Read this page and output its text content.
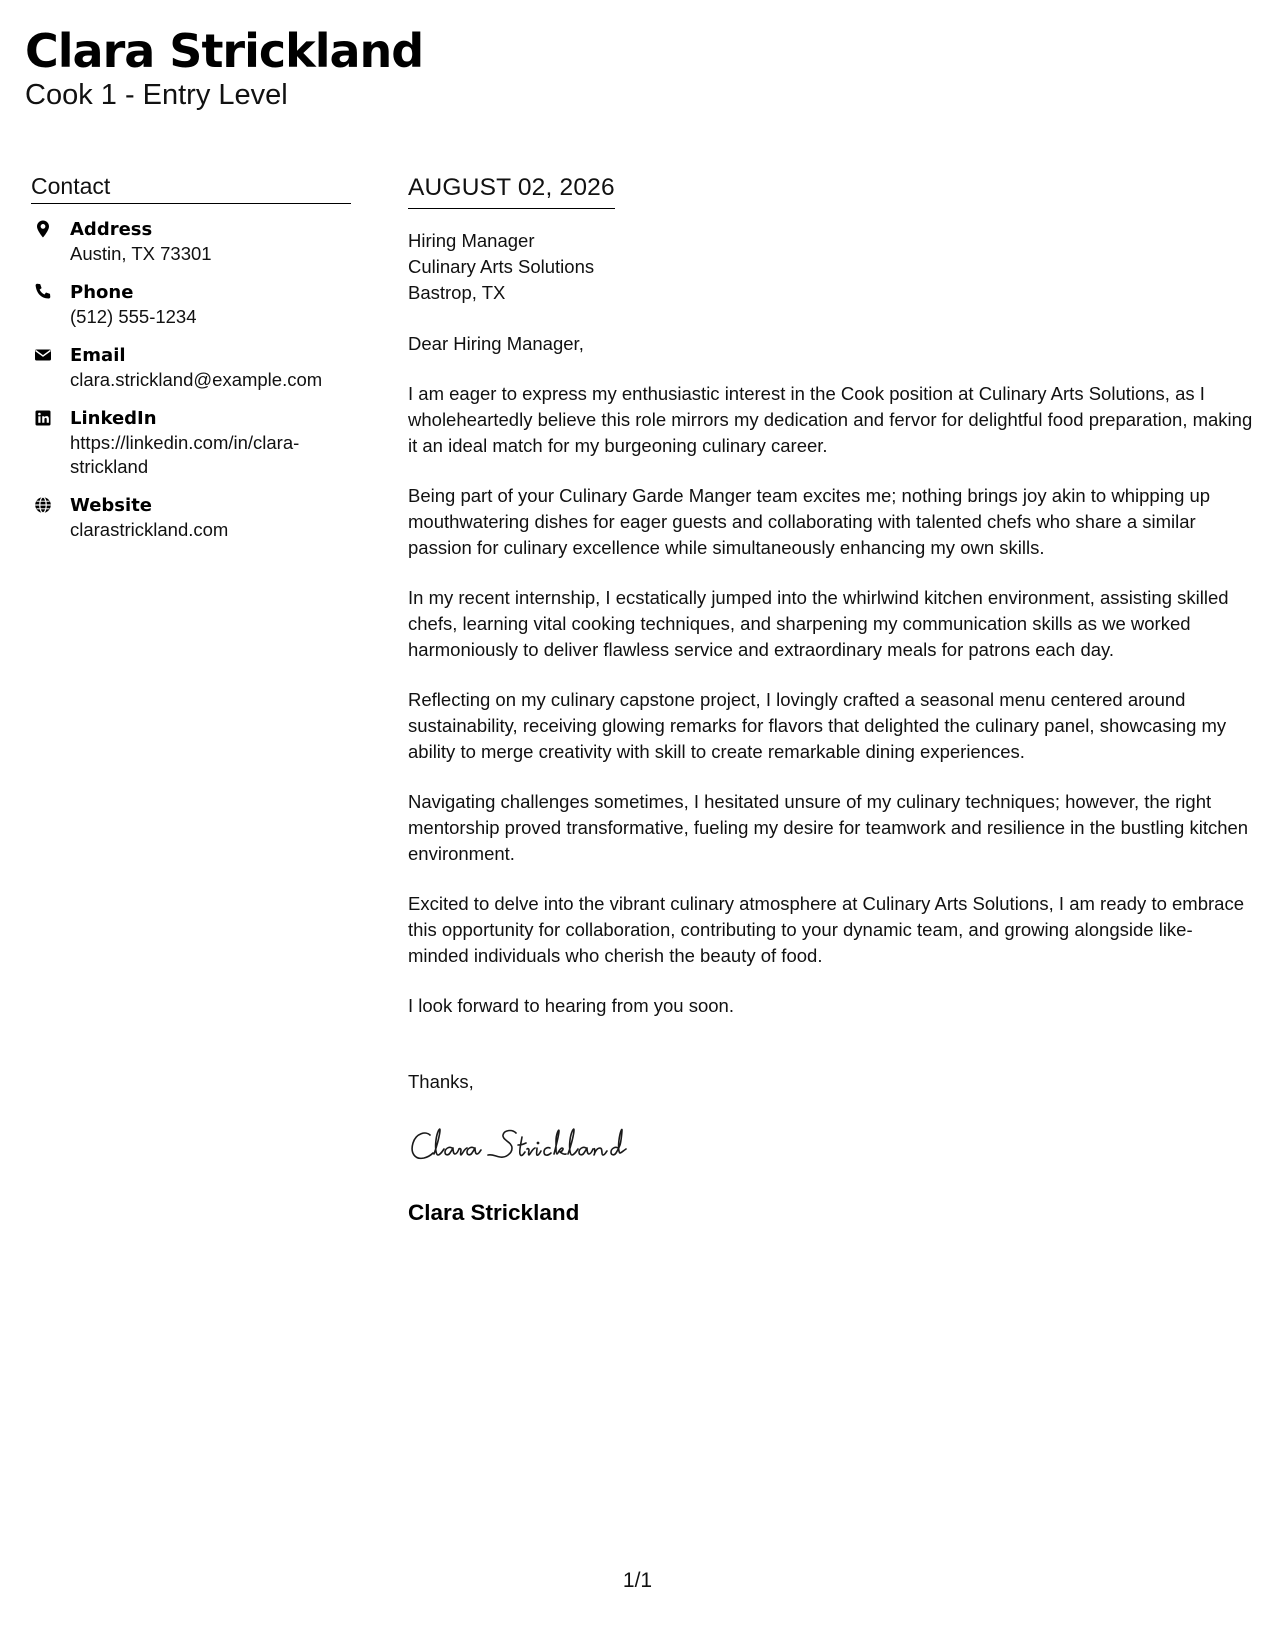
Clara Strickland
Cook 1 - Entry Level
Contact
Address
Austin, TX 73301
Phone
(512) 555-1234
Email
clara.strickland@example.com
LinkedIn
https://linkedin.com/in/clara-strickland
Website
clarastrickland.com
AUGUST 02, 2026
Hiring Manager
Culinary Arts Solutions
Bastrop, TX
Dear Hiring Manager,

I am eager to express my enthusiastic interest in the Cook position at Culinary Arts Solutions, as I wholeheartedly believe this role mirrors my dedication and fervor for delightful food preparation, making it an ideal match for my burgeoning culinary career.

Being part of your Culinary Garde Manger team excites me; nothing brings joy akin to whipping up mouthwatering dishes for eager guests and collaborating with talented chefs who share a similar passion for culinary excellence while simultaneously enhancing my own skills.

In my recent internship, I ecstatically jumped into the whirlwind kitchen environment, assisting skilled chefs, learning vital cooking techniques, and sharpening my communication skills as we worked harmoniously to deliver flawless service and extraordinary meals for patrons each day.

Reflecting on my culinary capstone project, I lovingly crafted a seasonal menu centered around sustainability, receiving glowing remarks for flavors that delighted the culinary panel, showcasing my ability to merge creativity with skill to create remarkable dining experiences.

Navigating challenges sometimes, I hesitated unsure of my culinary techniques; however, the right mentorship proved transformative, fueling my desire for teamwork and resilience in the bustling kitchen environment.

Excited to delve into the vibrant culinary atmosphere at Culinary Arts Solutions, I am ready to embrace this opportunity for collaboration, contributing to your dynamic team, and growing alongside like-minded individuals who cherish the beauty of food.

I look forward to hearing from you soon.

Thanks,
Clara Strickland
1/1
